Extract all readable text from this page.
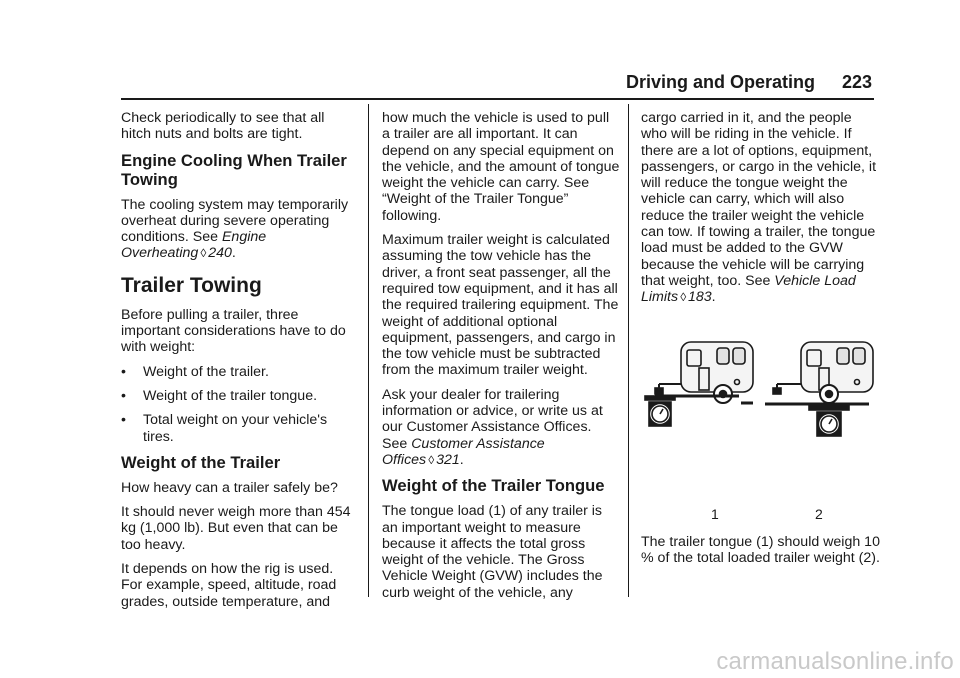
Driving and Operating 223

Check periodically to see that all hitch nuts and bolts are tight.

Engine Cooling When Trailer Towing

The cooling system may temporarily overheat during severe operating conditions. See Engine Overheating ◊ 240.

Trailer Towing

Before pulling a trailer, three important considerations have to do with weight:

• Weight of the trailer.
• Weight of the trailer tongue.
• Total weight on your vehicle's tires.
Weight of the Trailer

How heavy can a trailer safely be?

It should never weigh more than 454 kg (1,000 lb). But even that can be too heavy.

It depends on how the rig is used. For example, speed, altitude, road grades, outside temperature, and

how much the vehicle is used to pull a trailer are all important. It can depend on any special equipment on the vehicle, and the amount of tongue weight the vehicle can carry. See “Weight of the Trailer Tongue” following.

Maximum trailer weight is calculated assuming the tow vehicle has the driver, a front seat passenger, all the required tow equipment, and it has all the required trailering equipment. The weight of additional optional equipment, passengers, and cargo in the tow vehicle must be subtracted from the maximum trailer weight.

Ask your dealer for trailering information or advice, or write us at our Customer Assistance Offices. See Customer Assistance Offices ◊ 321.

Weight of the Trailer Tongue

The tongue load (1) of any trailer is an important weight to measure because it affects the total gross weight of the vehicle. The Gross Vehicle Weight (GVW) includes the curb weight of the vehicle, any

cargo carried in it, and the people who will be riding in the vehicle. If there are a lot of options, equipment, passengers, or cargo in the vehicle, it will reduce the tongue weight the vehicle can carry, which will also reduce the trailer weight the vehicle can tow. If towing a trailer, the tongue load must be added to the GVW because the vehicle will be carrying that weight, too. See Vehicle Load Limits ◊ 183.

1	2

The trailer tongue (1) should weigh 10 % of the total loaded trailer weight (2).

carmanualsonline.info
